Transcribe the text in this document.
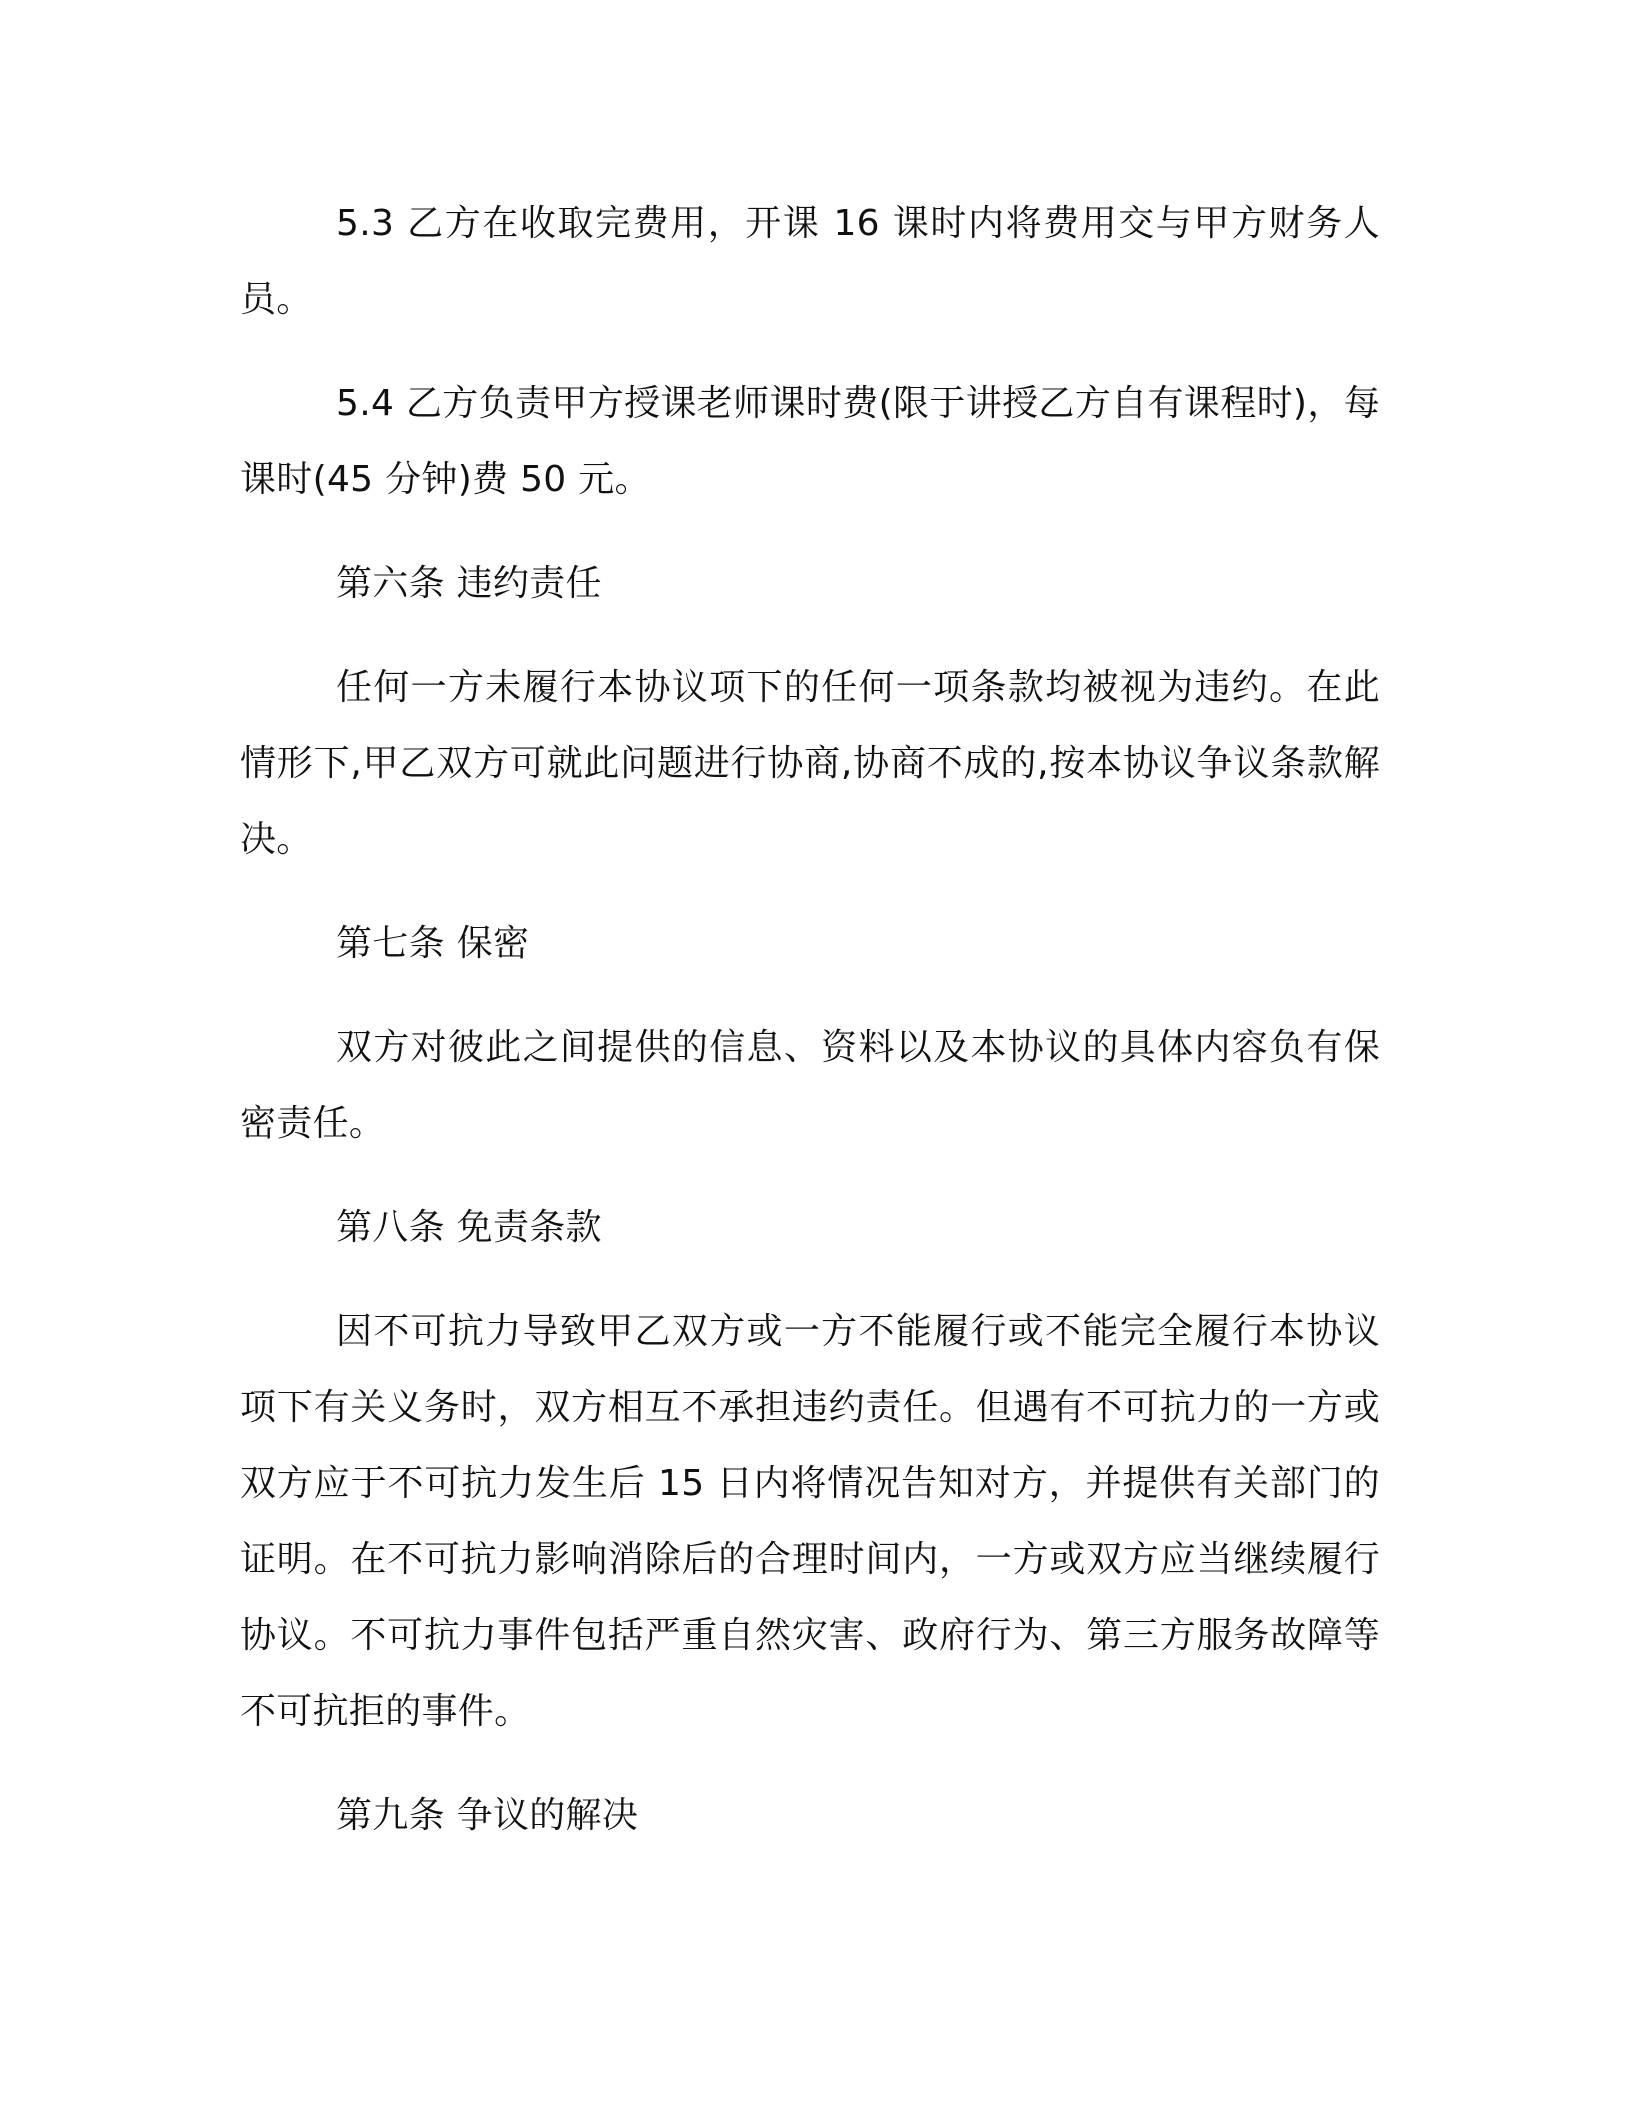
5.3 乙方在收取完费用，开课 16 课时内将费用交与甲方财务人员。

5.4 乙方负责甲方授课老师课时费(限于讲授乙方自有课程时)，每课时(45 分钟)费 50 元。

第六条 违约责任

任何一方未履行本协议项下的任何一项条款均被视为违约。在此情形下,甲乙双方可就此问题进行协商,协商不成的,按本协议争议条款解决。

第七条 保密

双方对彼此之间提供的信息、资料以及本协议的具体内容负有保密责任。

第八条 免责条款

因不可抗力导致甲乙双方或一方不能履行或不能完全履行本协议项下有关义务时，双方相互不承担违约责任。但遇有不可抗力的一方或双方应于不可抗力发生后 15 日内将情况告知对方，并提供有关部门的证明。在不可抗力影响消除后的合理时间内，一方或双方应当继续履行协议。不可抗力事件包括严重自然灾害、政府行为、第三方服务故障等不可抗拒的事件。

第九条 争议的解决
